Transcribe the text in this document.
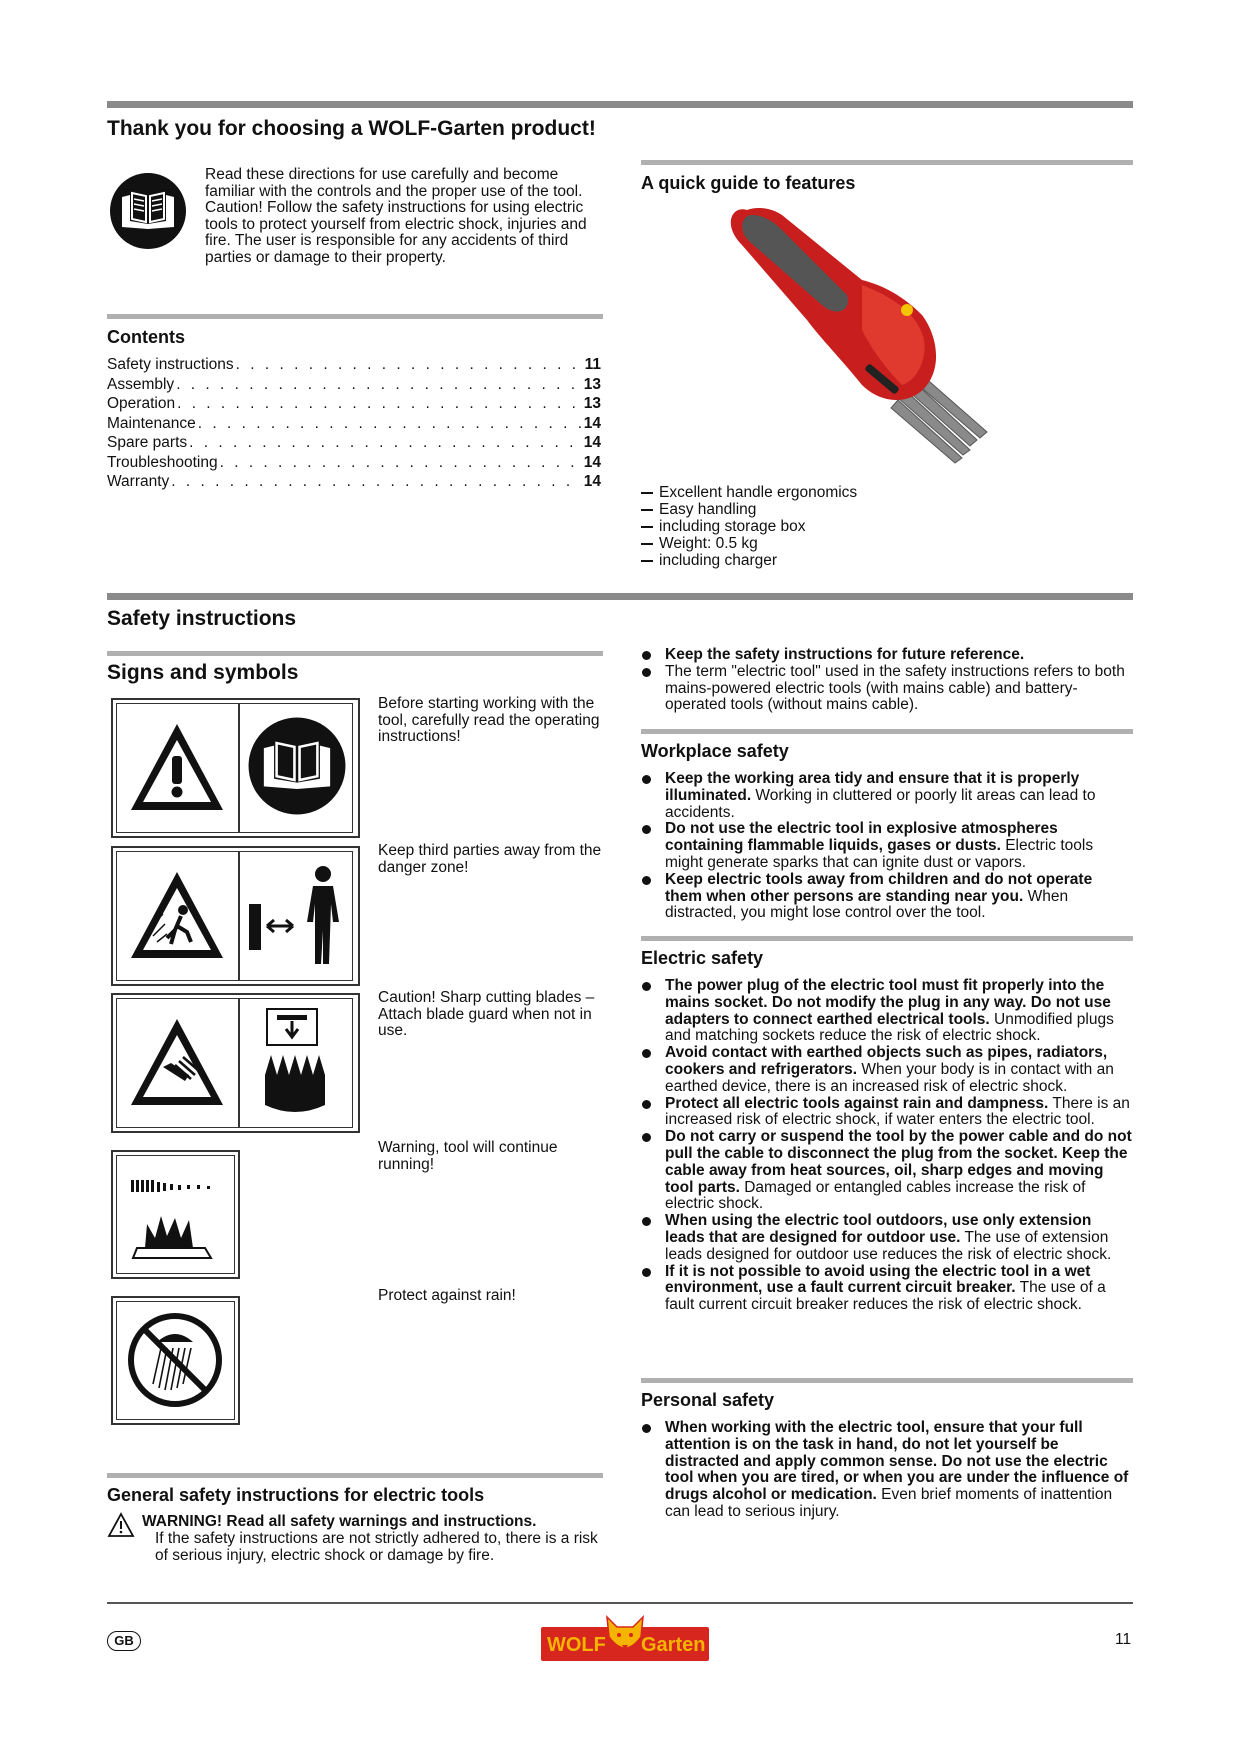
Thank you for choosing a WOLF-Garten product!
Read these directions for use carefully and become familiar with the controls and the proper use of the tool. Caution! Follow the safety instructions for using electric tools to protect yourself from electric shock, injuries and fire. The user is responsible for any accidents of third parties or damage to their property.
Contents
Safety instructions . . .	11
Assembly . . .	13
Operation . . .	13
Maintenance . . .	14
Spare parts . . .	14
Troubleshooting . . .	14
Warranty . . .	14
A quick guide to features
Excellent handle ergonomics
Easy handling
including storage box
Weight: 0.5 kg
including charger
Safety instructions
Signs and symbols
Before starting working with the tool, carefully read the operating instructions!
Keep third parties away from the danger zone!
Caution! Sharp cutting blades – Attach blade guard when not in use.
Warning, tool will continue running!
Protect against rain!
General safety instructions for electric tools
WARNING! Read all safety warnings and instructions.
If the safety instructions are not strictly adhered to, there is a risk of serious injury, electric shock or damage by fire.
Keep the safety instructions for future reference.
The term "electric tool" used in the safety instructions refers to both mains-powered electric tools (with mains cable) and battery-operated tools (without mains cable).
Workplace safety
Keep the working area tidy and ensure that it is properly illuminated. Working in cluttered or poorly lit areas can lead to accidents.
Do not use the electric tool in explosive atmospheres containing flammable liquids, gases or dusts. Electric tools might generate sparks that can ignite dust or vapors.
Keep electric tools away from children and do not operate them when other persons are standing near you. When distracted, you might lose control over the tool.
Electric safety
The power plug of the electric tool must fit properly into the mains socket. Do not modify the plug in any way. Do not use adapters to connect earthed electrical tools. Unmodified plugs and matching sockets reduce the risk of electric shock.
Avoid contact with earthed objects such as pipes, radiators, cookers and refrigerators. When your body is in contact with an earthed device, there is an increased risk of electric shock.
Protect all electric tools against rain and dampness. There is an increased risk of electric shock, if water enters the electric tool.
Do not carry or suspend the tool by the power cable and do not pull the cable to disconnect the plug from the socket. Keep the cable away from heat sources, oil, sharp edges and moving tool parts. Damaged or entangled cables increase the risk of electric shock.
When using the electric tool outdoors, use only extension leads that are designed for outdoor use. The use of extension leads designed for outdoor use reduces the risk of electric shock.
If it is not possible to avoid using the electric tool in a wet environment, use a fault current circuit breaker. The use of a fault current circuit breaker reduces the risk of electric shock.
Personal safety
When working with the electric tool, ensure that your full attention is on the task in hand, do not let yourself be distracted and apply common sense. Do not use the electric tool when you are tired, or when you are under the influence of drugs alcohol or medication. Even brief moments of inattention can lead to serious injury.
GB	WOLF Garten	11
